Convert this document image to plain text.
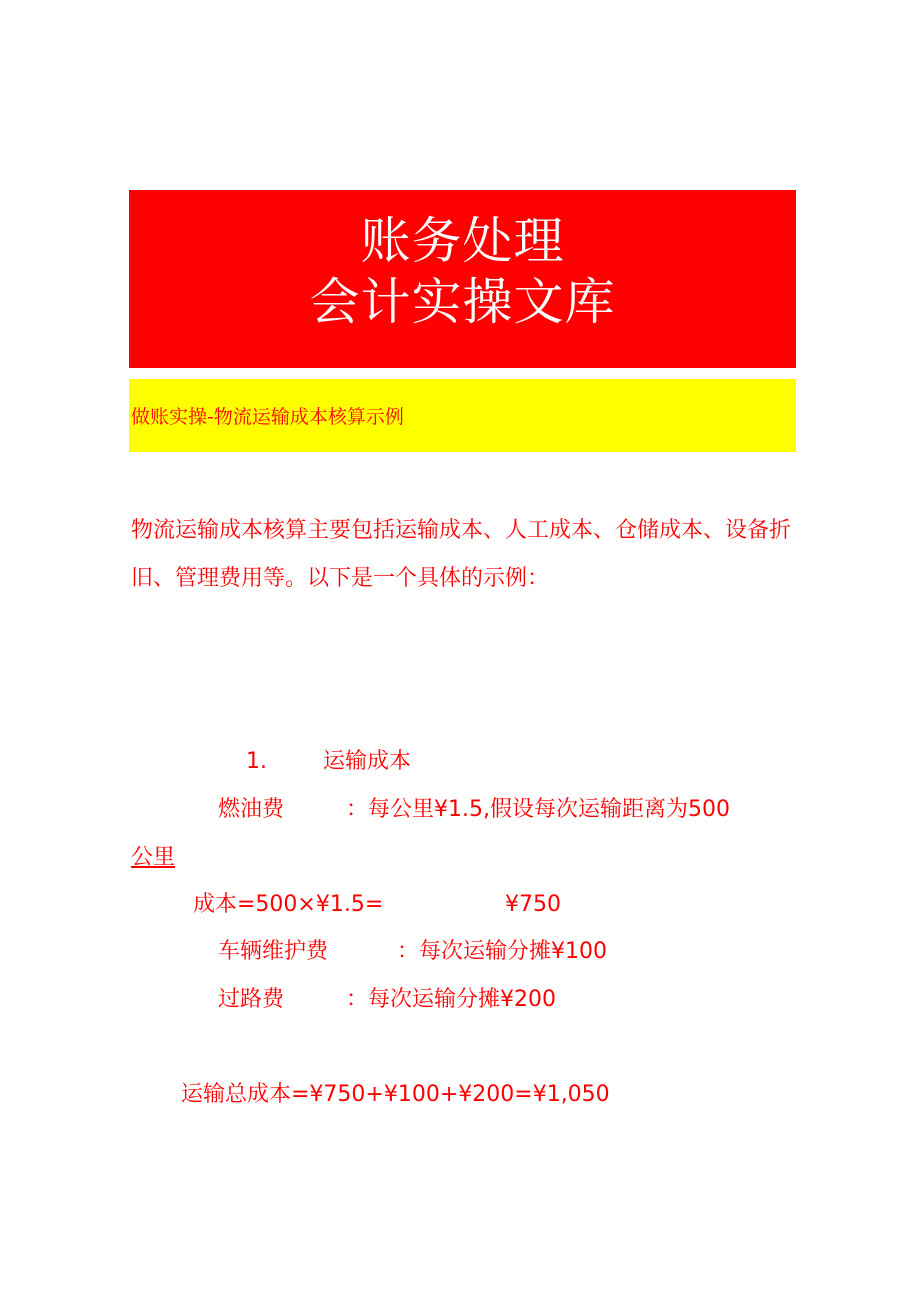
账务处理
会计实操文库
做账实操-物流运输成本核算示例
物流运输成本核算主要包括运输成本、人工成本、仓储成本、设备折旧、管理费用等。以下是一个具体的示例：
1.	运输成本
燃油费	：每公里¥1.5,假设每次运输距离为500
公里
成本=500×¥1.5=	¥750
车辆维护费	：每次运输分摊¥100
过路费	：每次运输分摊¥200
运输总成本=¥750+¥100+¥200=¥1,050
